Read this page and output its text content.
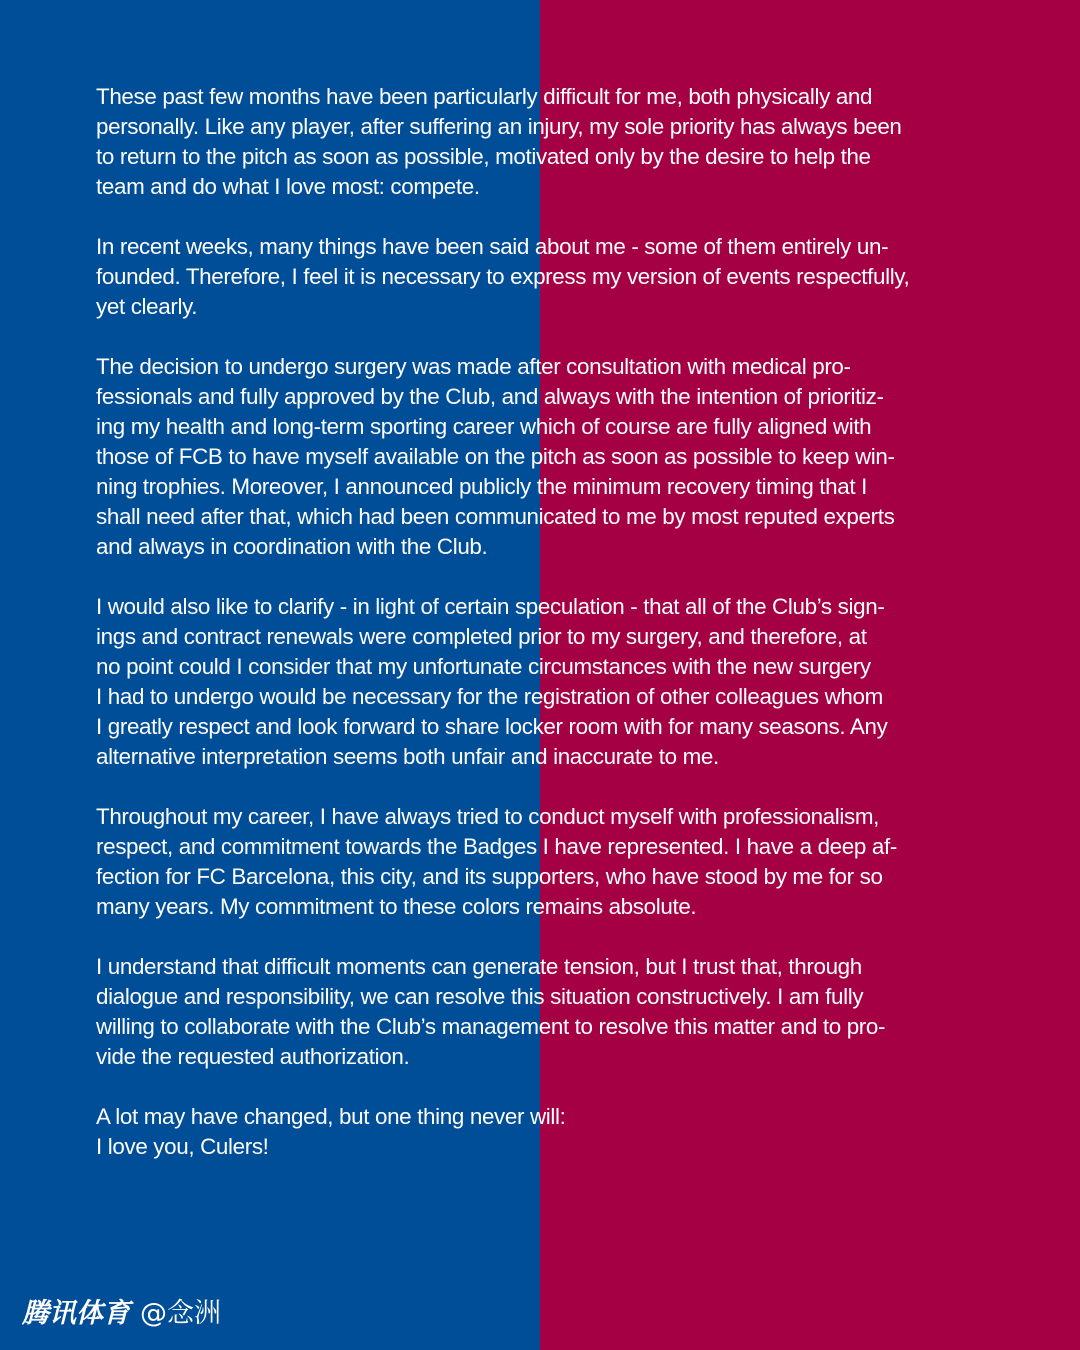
These past few months have been particularly difficult for me, both physically and
personally. Like any player, after suffering an injury, my sole priority has always been
to return to the pitch as soon as possible, motivated only by the desire to help the
team and do what I love most: compete.
In recent weeks, many things have been said about me - some of them entirely un-
founded. Therefore, I feel it is necessary to express my version of events respectfully,
yet clearly.
The decision to undergo surgery was made after consultation with medical pro-
fessionals and fully approved by the Club, and always with the intention of prioritiz-
ing my health and long-term sporting career which of course are fully aligned with
those of FCB to have myself available on the pitch as soon as possible to keep win-
ning trophies. Moreover, I announced publicly the minimum recovery timing that I
shall need after that, which had been communicated to me by most reputed experts
and always in coordination with the Club.
I would also like to clarify - in light of certain speculation - that all of the Club’s sign-
ings and contract renewals were completed prior to my surgery, and therefore, at
no point could I consider that my unfortunate circumstances with the new surgery
I had to undergo would be necessary for the registration of other colleagues whom
I greatly respect and look forward to share locker room with for many seasons. Any
alternative interpretation seems both unfair and inaccurate to me.
Throughout my career, I have always tried to conduct myself with professionalism,
respect, and commitment towards the Badges I have represented. I have a deep af-
fection for FC Barcelona, this city, and its supporters, who have stood by me for so
many years. My commitment to these colors remains absolute.
I understand that difficult moments can generate tension, but I trust that, through
dialogue and responsibility, we can resolve this situation constructively. I am fully
willing to collaborate with the Club’s management to resolve this matter and to pro-
vide the requested authorization.
A lot may have changed, but one thing never will:
I love you, Culers!
腾讯体育 @念洲
